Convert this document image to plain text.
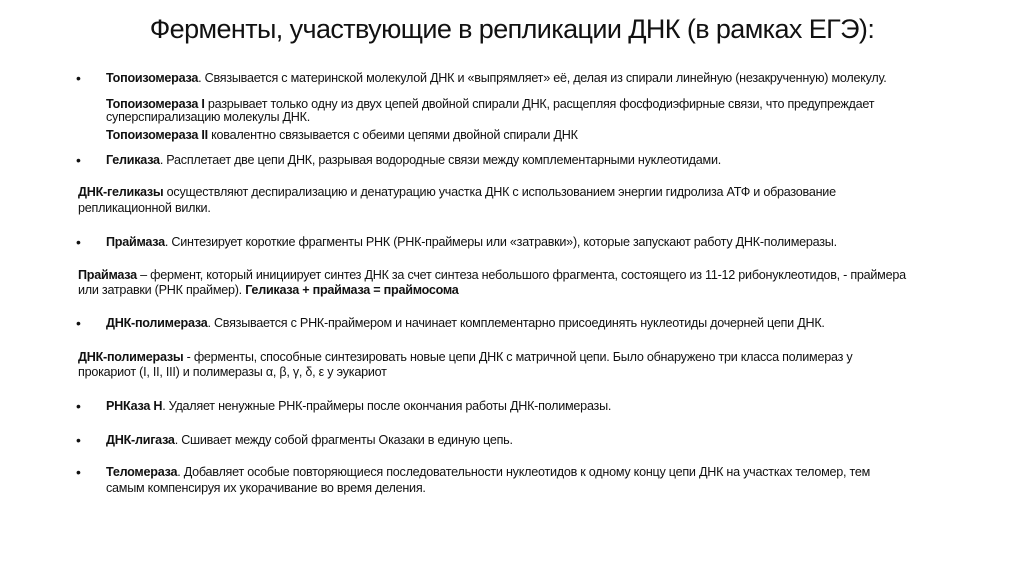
Ферменты, участвующие в репликации ДНК (в рамках ЕГЭ):
• Топоизомераза. Связывается с материнской молекулой ДНК и «выпрямляет» её, делая из спирали линейную (незакрученную) молекулу.
Топоизомераза I разрывает только одну из двух цепей двойной спирали ДНК, расщепляя фосфодиэфирные связи, что предупреждает
суперспирализацию молекулы ДНК.
Топоизомераза II ковалентно связывается с обеими цепями двойной спирали ДНК
• Геликаза. Расплетает две цепи ДНК, разрывая водородные связи между комплементарными нуклеотидами.
ДНК-геликазы осуществляют деспирализацию и денатурацию участка ДНК с использованием энергии гидролиза АТФ и образование
репликационной вилки.
• Праймаза. Синтезирует короткие фрагменты РНК (РНК-праймеры или «затравки»), которые запускают работу ДНК-полимеразы.
Праймаза – фермент, который инициирует синтез ДНК за счет синтеза небольшого фрагмента, состоящего из 11-12 рибонуклеотидов, - праймера
или затравки (РНК праймер). Геликаза + праймаза = праймосома
• ДНК-полимераза. Связывается с РНК-праймером и начинает комплементарно присоединять нуклеотиды дочерней цепи ДНК.
ДНК-полимеразы - ферменты, способные синтезировать новые цепи ДНК с матричной цепи. Было обнаружено три класса полимераз у
прокариот (I, II, III) и полимеразы α, β, γ, δ, ε у эукариот
• РНКаза Н. Удаляет ненужные РНК-праймеры после окончания работы ДНК-полимеразы.
• ДНК-лигаза. Сшивает между собой фрагменты Оказаки в единую цепь.
• Теломераза. Добавляет особые повторяющиеся последовательности нуклеотидов к одному концу цепи ДНК на участках теломер, тем
самым компенсируя их укорачивание во время деления.
